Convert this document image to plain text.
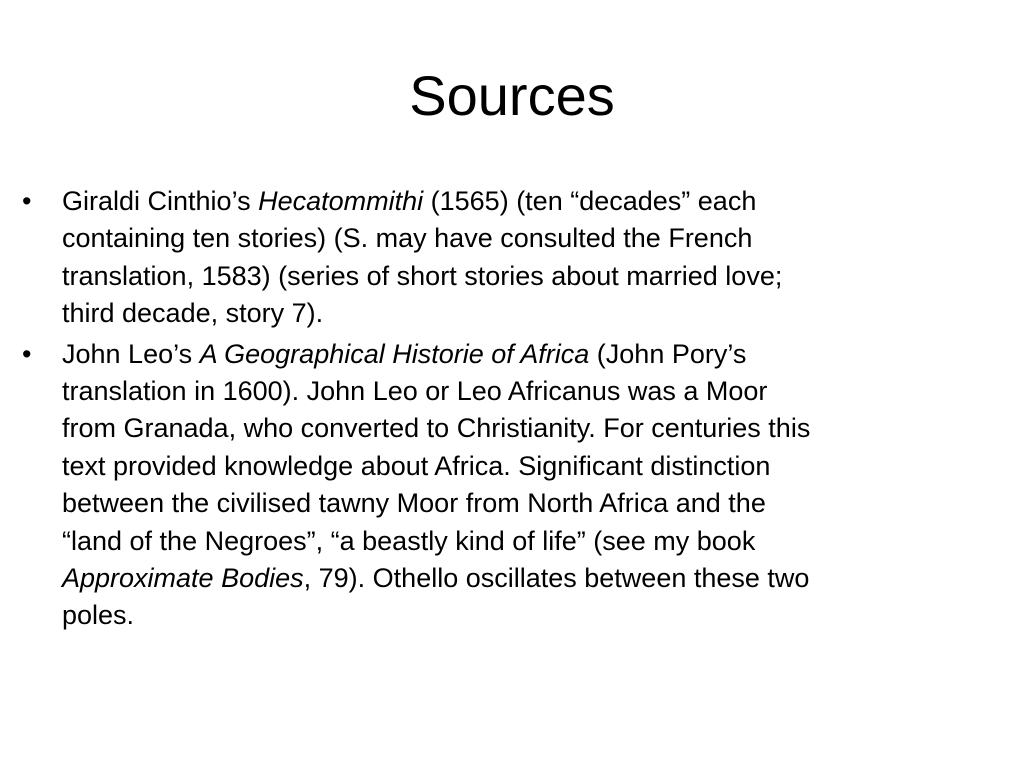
Sources
•	Giraldi Cinthio’s Hecatommithi (1565) (ten “decades” each
containing ten stories) (S. may have consulted the French
translation, 1583) (series of short stories about married love;
third decade, story 7).
•	John Leo’s A Geographical Historie of Africa (John Pory’s
translation in 1600). John Leo or Leo Africanus was a Moor
from Granada, who converted to Christianity. For centuries this
text provided knowledge about Africa. Significant distinction
between the civilised tawny Moor from North Africa and the
“land of the Negroes”, “a beastly kind of life” (see my book
Approximate Bodies, 79). Othello oscillates between these two
poles.
